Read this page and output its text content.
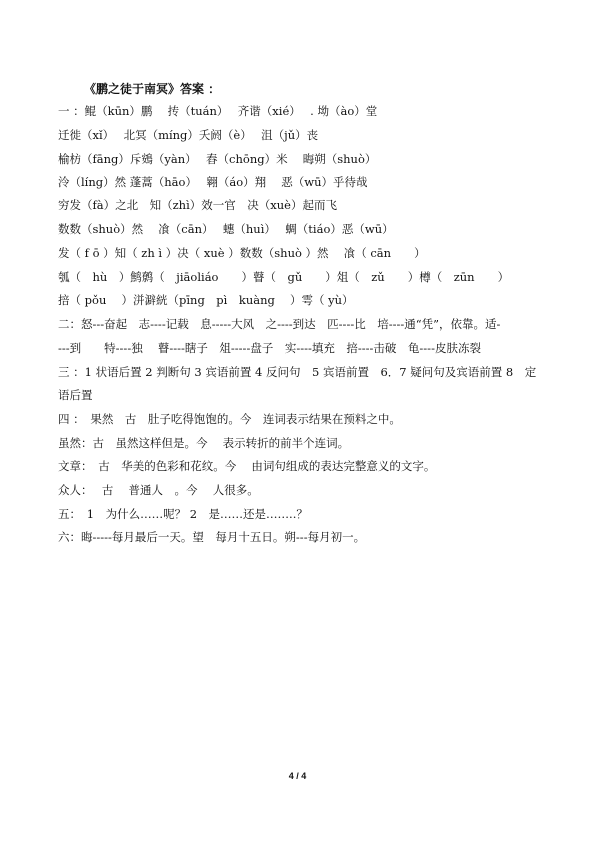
《鹏之徒于南冥》答案 ：
一 ：鲲（kūn）鹏　 抟（tuán）　 齐谐（xié）　 . 坳（ào）堂
迁徙（xǐ）　 北冥（míng）夭阏（è）　 沮（jǔ）丧
榆枋（fāng）斥鴳（yàn）　 舂（chōng）米　 晦朔（shuò）
泠（líng）然 蓬蒿（hāo）　 翱（áo）翔　 恶（wū）乎待哉
穷发（fà）之北　知（zhì）效一官　决（xuè）起而飞
数数（shuò）然　 飡（cān）　 蟪（huì）　 蜩（tiáo）恶（wū）
发（ f ō ）知（ zh ì ）决（ xuè ）数数（shuò ）然　 飡（ cān　　）
瓠（　hù　）鹪鹩（　jiāoliáo　　）瞽（　gǔ　　）俎（　zǔ　　）樽（　zūn　　）
掊（ pǒu　 ）洴澼絖（pīng　pì　kuàng　 ）雩（ yù）
二：怒---奋起　志----记载　息-----大风　之----到达　匹----比　培----通“凭”，依靠。适-
---到　　特----独　 瞽----瞎子　俎-----盘子　实----填充　掊----击破　龟----皮肤冻裂
三 ：1 状语后置 2 判断句 3 宾语前置 4 反问句　5 宾语前置　6．7 疑问句及宾语前置 8　定
语后置
四 ：　果然　古　肚子吃得饱饱的。今　连词表示结果在预料之中。
虽然：古　虽然这样但是。今　 表示转折的前半个连词。
文章：　古　华美的色彩和花纹。今　 由词句组成的表达完整意义的文字。
众人：　 古　 普通人　。今　 人很多。
五：　1　为什么……呢？ 2　是……还是……..？
六：晦-----每月最后一天。望　每月十五日。朔---每月初一。
4 / 4
